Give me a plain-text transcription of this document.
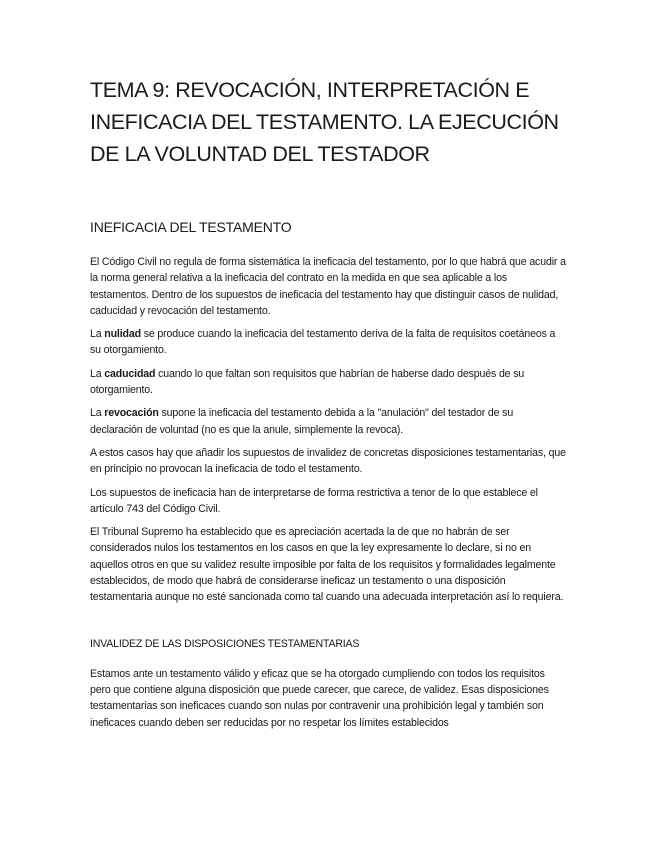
TEMA 9: REVOCACIÓN, INTERPRETACIÓN E INEFICACIA DEL TESTAMENTO. LA EJECUCIÓN DE LA VOLUNTAD DEL TESTADOR
INEFICACIA DEL TESTAMENTO

El Código Civil no regula de forma sistemática la ineficacia del testamento, por lo que habrá que acudir a la norma general relativa a la ineficacia del contrato en la medida en que sea aplicable a los testamentos. Dentro de los supuestos de ineficacia del testamento hay que distinguir casos de nulidad, caducidad y revocación del testamento.

La nulidad se produce cuando la ineficacia del testamento deriva de la falta de requisitos coetáneos a su otorgamiento.

La caducidad cuando lo que faltan son requisitos que habrían de haberse dado después de su otorgamiento.

La revocación supone la ineficacia del testamento debida a la "anulación" del testador de su declaración de voluntad (no es que la anule, simplemente la revoca).

A estos casos hay que añadir los supuestos de invalidez de concretas disposiciones testamentarias, que en principio no provocan la ineficacia de todo el testamento.

Los supuestos de ineficacia han de interpretarse de forma restrictiva a tenor de lo que establece el artículo 743 del Código Civil.

El Tribunal Supremo ha establecido que es apreciación acertada la de que no habrán de ser considerados nulos los testamentos en los casos en que la ley expresamente lo declare, si no en aquellos otros en que su validez resulte imposible por falta de los requisitos y formalidades legalmente establecidos, de modo que habrá de considerarse ineficaz un testamento o una disposición testamentaria aunque no esté sancionada como tal cuando una adecuada interpretación así lo requiera.

INVALIDEZ DE LAS DISPOSICIONES TESTAMENTARIAS

Estamos ante un testamento válido y eficaz que se ha otorgado cumpliendo con todos los requisitos pero que contiene alguna disposición que puede carecer, que carece, de validez. Esas disposiciones testamentarias son ineficaces cuando son nulas por contravenir una prohibición legal y también son ineficaces cuando deben ser reducidas por no respetar los límites establecidos
